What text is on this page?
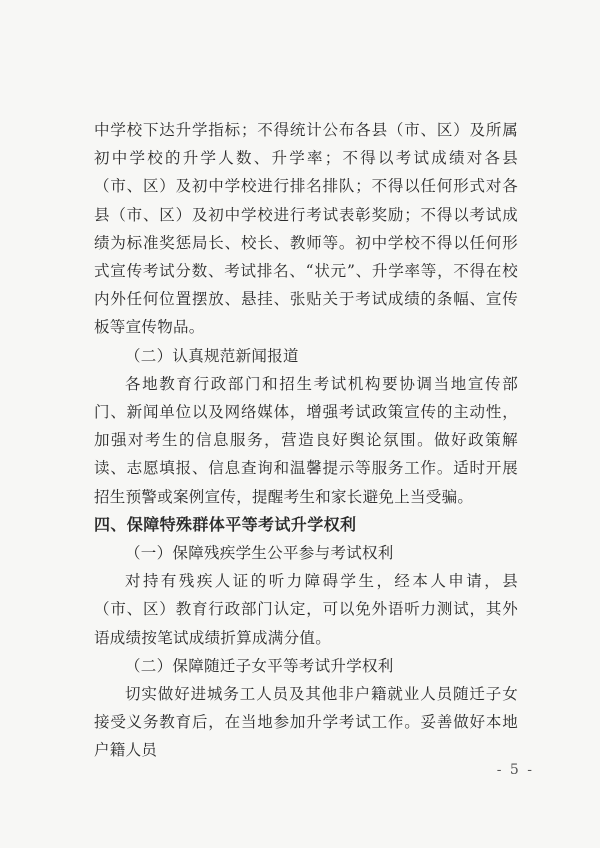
中学校下达升学指标；不得统计公布各县（市、区）及所属初中学校的升学人数、升学率；不得以考试成绩对各县（市、区）及初中学校进行排名排队；不得以任何形式对各县（市、区）及初中学校进行考试表彰奖励；不得以考试成绩为标准奖惩局长、校长、教师等。初中学校不得以任何形式宣传考试分数、考试排名、“状元”、升学率等，不得在校内外任何位置摆放、悬挂、张贴关于考试成绩的条幅、宣传板等宣传物品。

（二）认真规范新闻报道

各地教育行政部门和招生考试机构要协调当地宣传部门、新闻单位以及网络媒体，增强考试政策宣传的主动性，加强对考生的信息服务，营造良好舆论氛围。做好政策解读、志愿填报、信息查询和温馨提示等服务工作。适时开展招生预警或案例宣传，提醒考生和家长避免上当受骗。

四、保障特殊群体平等考试升学权利

（一）保障残疾学生公平参与考试权利

对持有残疾人证的听力障碍学生，经本人申请，县（市、区）教育行政部门认定，可以免外语听力测试，其外语成绩按笔试成绩折算成满分值。

（二）保障随迁子女平等考试升学权利

切实做好进城务工人员及其他非户籍就业人员随迁子女接受义务教育后，在当地参加升学考试工作。妥善做好本地户籍人员

- 5 -
